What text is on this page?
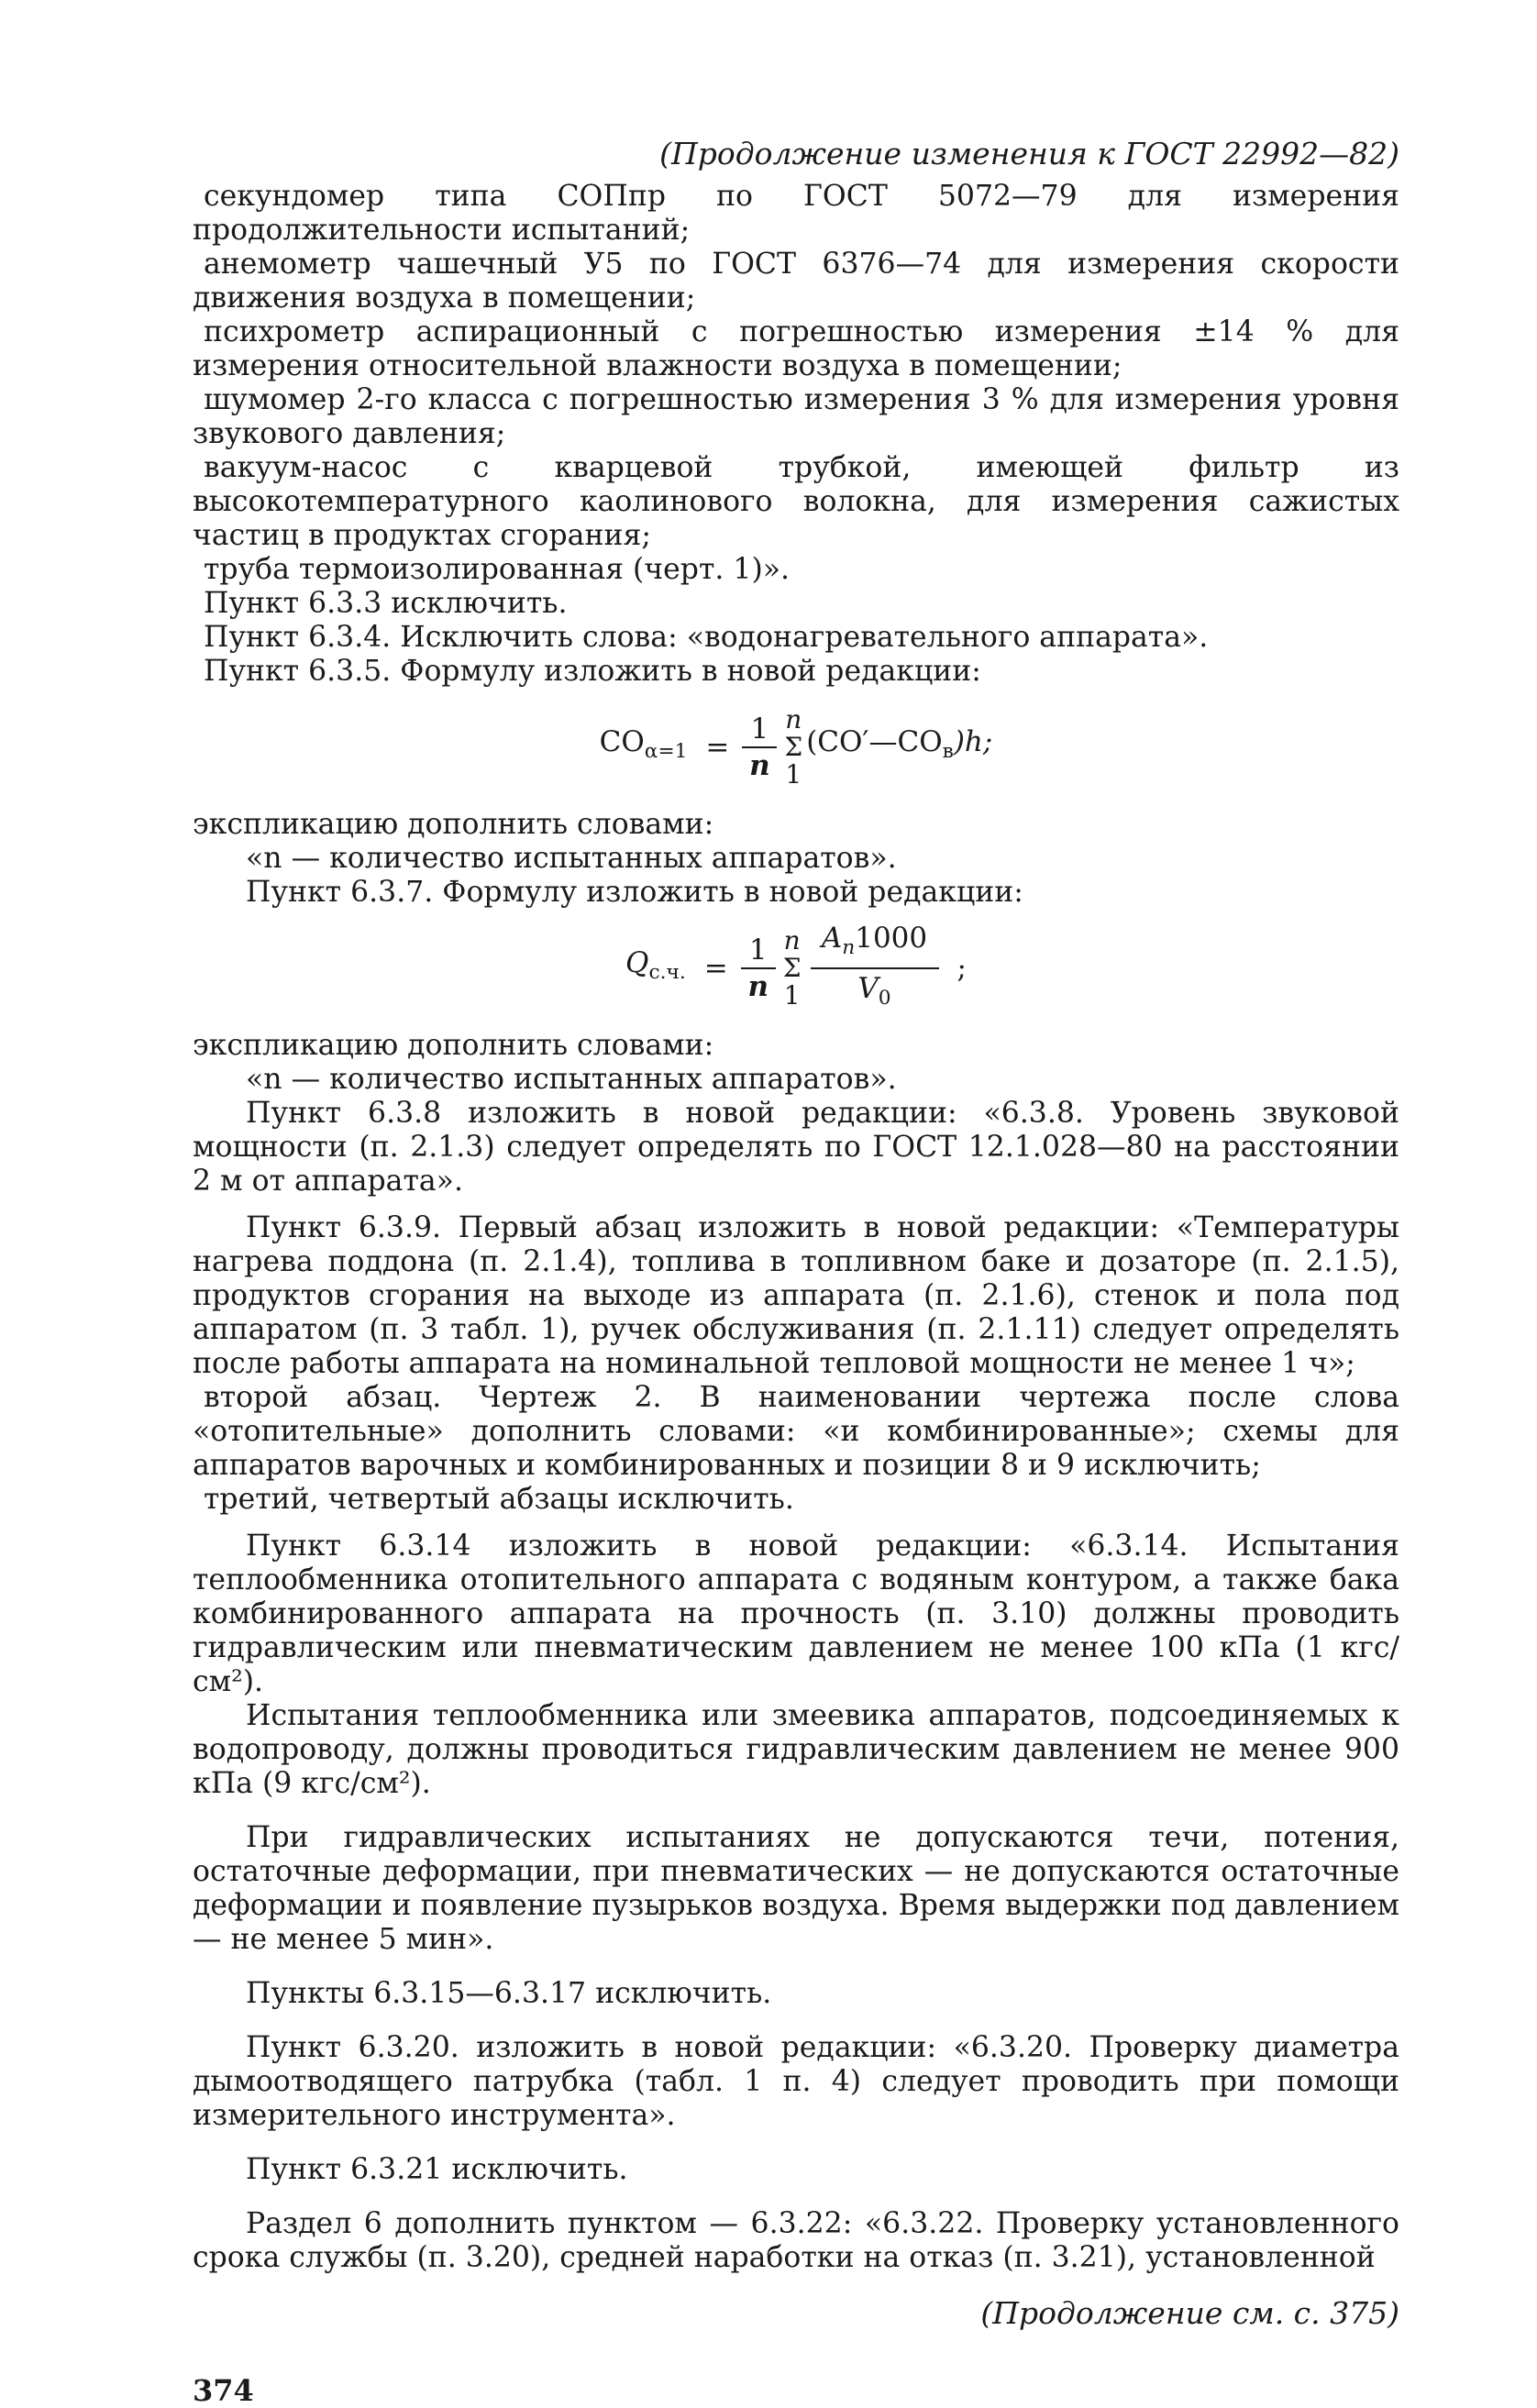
(Продолжение изменения к ГОСТ 22992—82)

секундомер типа СОПпр по ГОСТ 5072—79 для измерения продолжительности испытаний;

анемометр чашечный У5 по ГОСТ 6376—74 для измерения скорости движения воздуха в помещении;

психрометр аспирационный с погрешностью измерения ±14 % для измерения относительной влажности воздуха в помещении;

шумомер 2-го класса с погрешностью измерения 3 % для измерения уровня звукового давления;

вакуум-насос с кварцевой трубкой, имеющей фильтр из высокотемпературного каолинового волокна, для измерения сажистых частиц в продуктах сгорания;

труба термоизолированная (черт. 1)».

Пункт 6.3.3 исключить.

Пункт 6.3.4. Исключить слова: «водонагревательного аппарата».

Пункт 6.3.5. Формулу изложить в новой редакции:

$CO_{\alpha=1} = \frac{1}{n}$ n
Σ
1
$(CO'—CO_в)h$;

экспликацию дополнить словами:

«n — количество испытанных аппаратов».

Пункт 6.3.7. Формулу изложить в новой редакции:

$Q_{с.ч.} = \frac{1}{n}$ n
Σ
$1 \frac{A_n1000}{V_0}$ ;

экспликацию дополнить словами:

«n — количество испытанных аппаратов».

Пункт 6.3.8 изложить в новой редакции: «6.3.8. Уровень звуковой мощности (п. 2.1.3) следует определять по ГОСТ 12.1.028—80 на расстоянии 2 м от аппарата».

Пункт 6.3.9. Первый абзац изложить в новой редакции: «Температуры нагрева поддона (п. 2.1.4), топлива в топливном баке и дозаторе (п. 2.1.5), продуктов сгорания на выходе из аппарата (п. 2.1.6), стенок и пола под аппаратом (п. 3 табл. 1), ручек обслуживания (п. 2.1.11) следует определять после работы аппарата на номинальной тепловой мощности не менее 1 ч»;

второй абзац. Чертеж 2. В наименовании чертежа после слова «отопительные» дополнить словами: «и комбинированные»; схемы для аппаратов варочных и комбинированных и позиции 8 и 9 исключить;

третий, четвертый абзацы исключить.

Пункт 6.3.14 изложить в новой редакции: «6.3.14. Испытания теплообменника отопительного аппарата с водяным контуром, а также бака комбинированного аппарата на прочность (п. 3.10) должны проводить гидравлическим или пневматическим давлением не менее 100 кПа (1 кгс/см²).

Испытания теплообменника или змеевика аппаратов, подсоединяемых к водопроводу, должны проводиться гидравлическим давлением не менее 900 кПа (9 кгс/см²).

При гидравлических испытаниях не допускаются течи, потения, остаточные деформации, при пневматических — не допускаются остаточные деформации и появление пузырьков воздуха. Время выдержки под давлением — не менее 5 мин».

Пункты 6.3.15—6.3.17 исключить.

Пункт 6.3.20. изложить в новой редакции: «6.3.20. Проверку диаметра дымоотводящего патрубка (табл. 1 п. 4) следует проводить при помощи измерительного инструмента».

Пункт 6.3.21 исключить.

Раздел 6 дополнить пунктом — 6.3.22: «6.3.22. Проверку установленного срока службы (п. 3.20), средней наработки на отказ (п. 3.21), установленной

(Продолжение см. с. 375)
374
